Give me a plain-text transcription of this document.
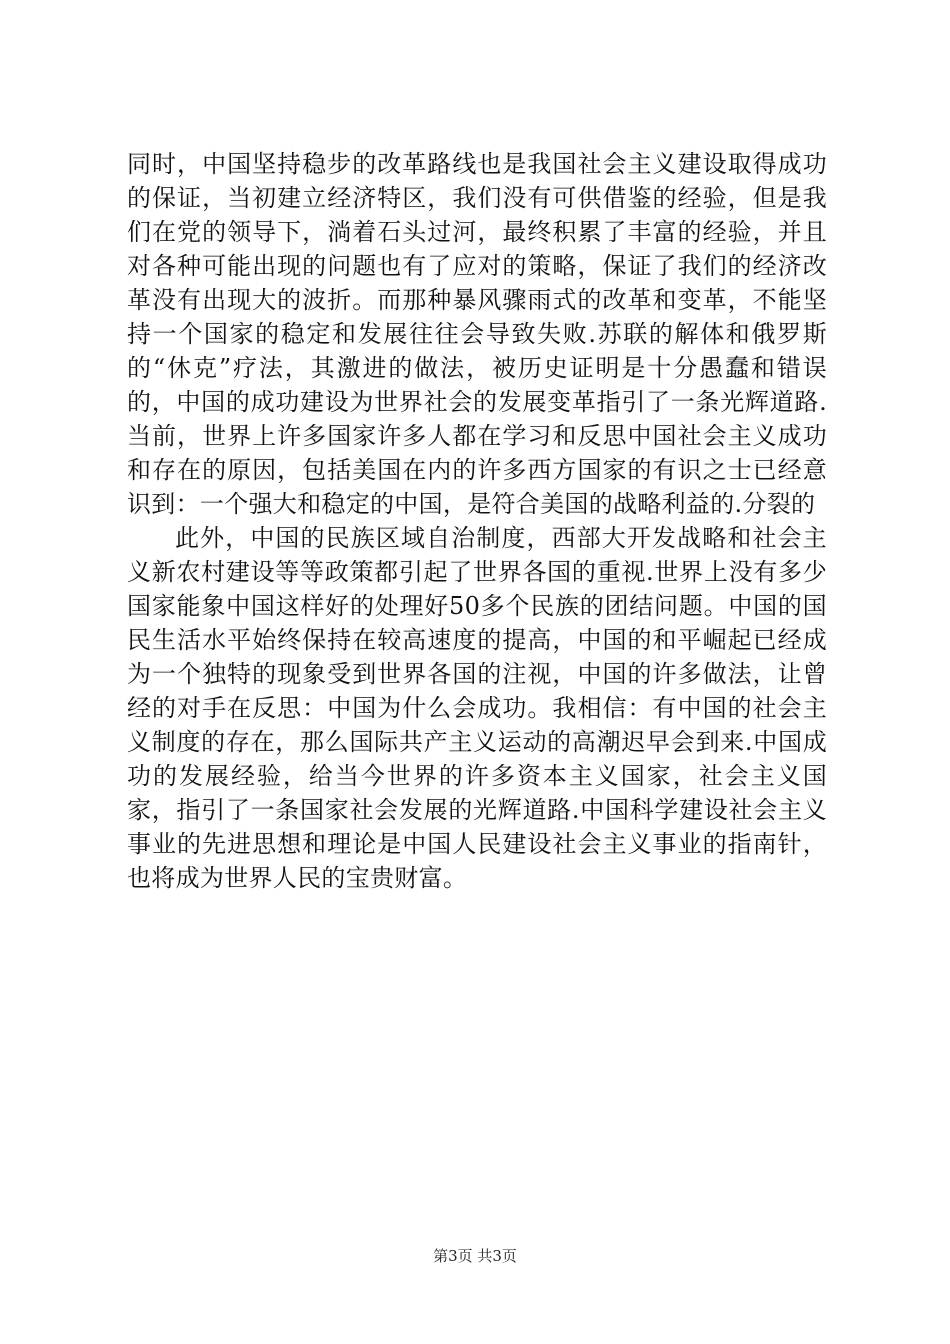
同时，中国坚持稳步的改革路线也是我国社会主义建设取得成功的保证，当初建立经济特区，我们没有可供借鉴的经验，但是我们在党的领导下，淌着石头过河，最终积累了丰富的经验，并且对各种可能出现的问题也有了应对的策略，保证了我们的经济改革没有出现大的波折。而那种暴风骤雨式的改革和变革，不能坚持一个国家的稳定和发展往往会导致失败.苏联的解体和俄罗斯的“休克”疗法，其激进的做法，被历史证明是十分愚蠢和错误的，中国的成功建设为世界社会的发展变革指引了一条光辉道路.当前，世界上许多国家许多人都在学习和反思中国社会主义成功和存在的原因，包括美国在内的许多西方国家的有识之士已经意识到：一个强大和稳定的中国，是符合美国的战略利益的.分裂的

此外，中国的民族区域自治制度，西部大开发战略和社会主义新农村建设等等政策都引起了世界各国的重视.世界上没有多少国家能象中国这样好的处理好50多个民族的团结问题。中国的国民生活水平始终保持在较高速度的提高，中国的和平崛起已经成为一个独特的现象受到世界各国的注视，中国的许多做法，让曾经的对手在反思：中国为什么会成功。我相信：有中国的社会主义制度的存在，那么国际共产主义运动的高潮迟早会到来.中国成功的发展经验，给当今世界的许多资本主义国家，社会主义国家，指引了一条国家社会发展的光辉道路.中国科学建设社会主义事业的先进思想和理论是中国人民建设社会主义事业的指南针，也将成为世界人民的宝贵财富。

第3页 共3页
